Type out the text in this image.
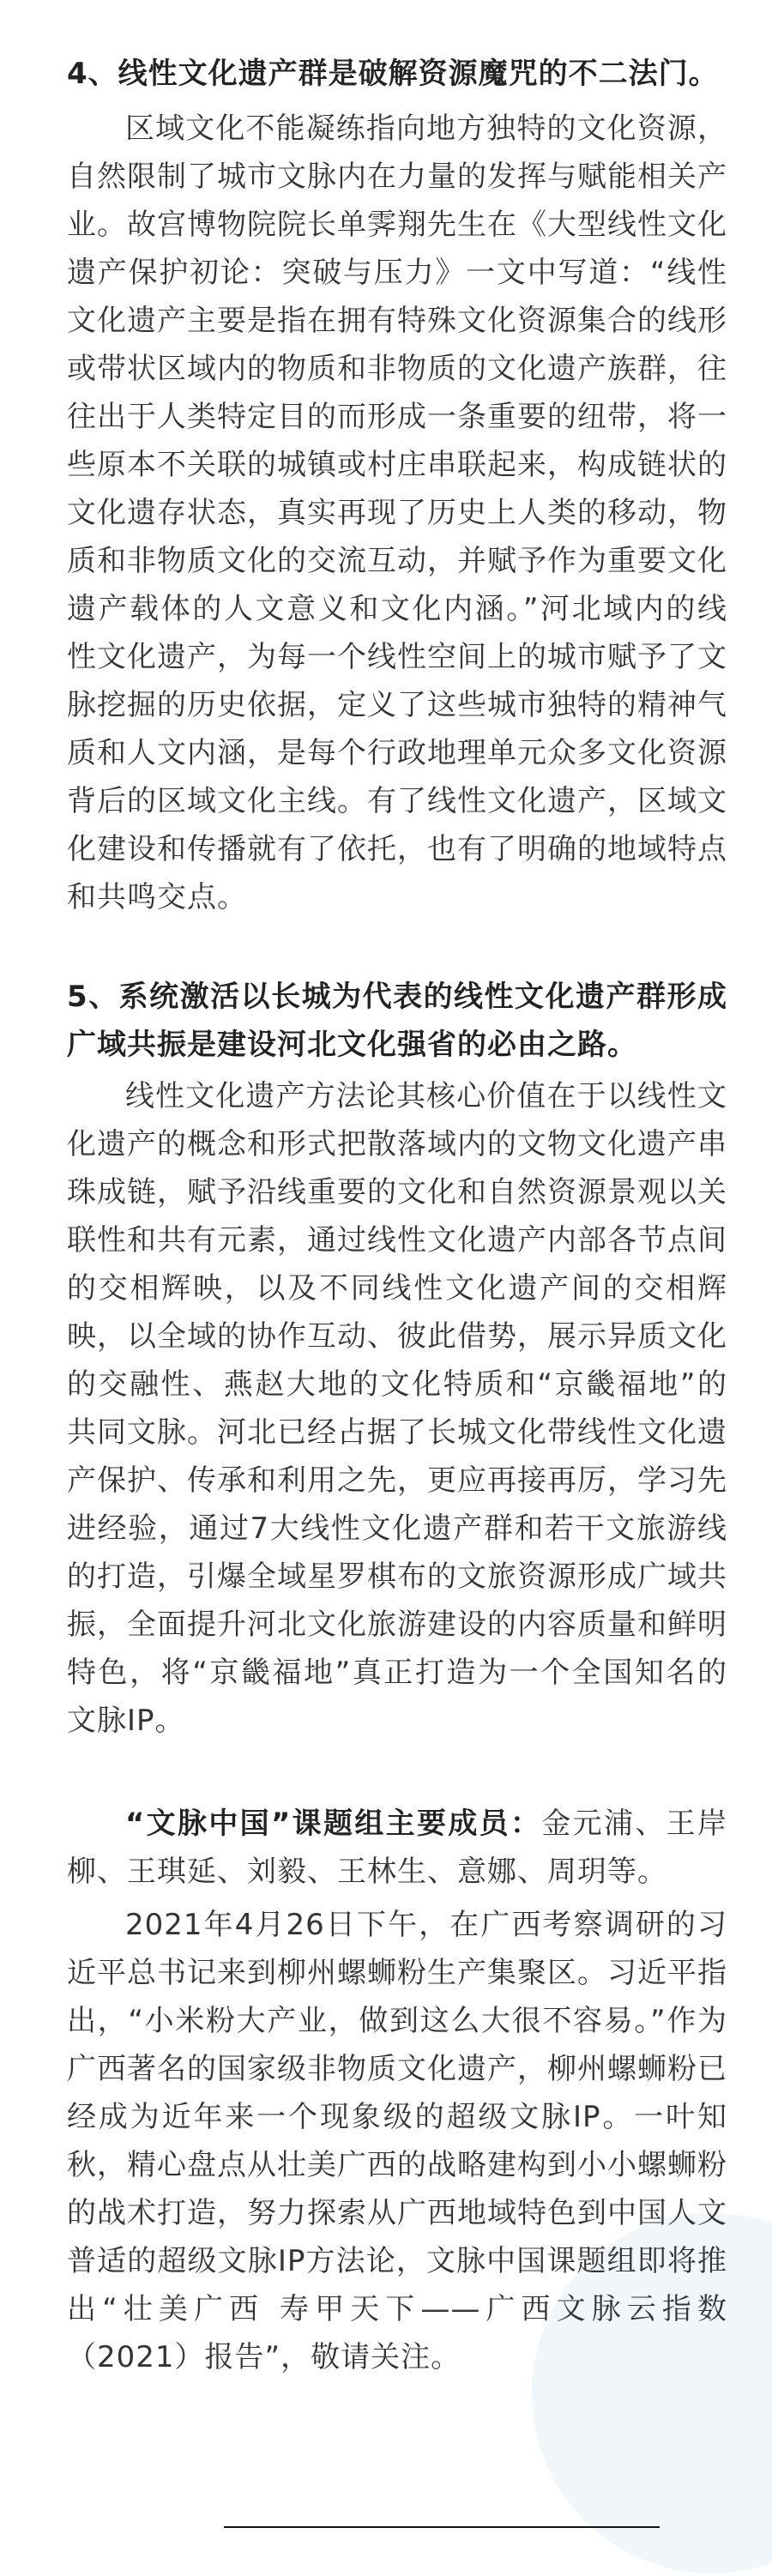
4、线性文化遗产群是破解资源魔咒的不二法门。

区域文化不能凝练指向地方独特的文化资源，自然限制了城市文脉内在力量的发挥与赋能相关产业。故宫博物院院长单霁翔先生在《大型线性文化遗产保护初论：突破与压力》一文中写道：“线性文化遗产主要是指在拥有特殊文化资源集合的线形或带状区域内的物质和非物质的文化遗产族群，往往出于人类特定目的而形成一条重要的纽带，将一些原本不关联的城镇或村庄串联起来，构成链状的文化遗存状态，真实再现了历史上人类的移动，物质和非物质文化的交流互动，并赋予作为重要文化遗产载体的人文意义和文化内涵。”河北域内的线性文化遗产，为每一个线性空间上的城市赋予了文脉挖掘的历史依据，定义了这些城市独特的精神气质和人文内涵，是每个行政地理单元众多文化资源背后的区域文化主线。有了线性文化遗产，区域文化建设和传播就有了依托，也有了明确的地域特点和共鸣交点。

5、系统激活以长城为代表的线性文化遗产群形成广域共振是建设河北文化强省的必由之路。

线性文化遗产方法论其核心价值在于以线性文化遗产的概念和形式把散落域内的文物文化遗产串珠成链，赋予沿线重要的文化和自然资源景观以关联性和共有元素，通过线性文化遗产内部各节点间的交相辉映，以及不同线性文化遗产间的交相辉映，以全域的协作互动、彼此借势，展示异质文化的交融性、燕赵大地的文化特质和“京畿福地”的共同文脉。河北已经占据了长城文化带线性文化遗产保护、传承和利用之先，更应再接再厉，学习先进经验，通过7大线性文化遗产群和若干文旅游线的打造，引爆全域星罗棋布的文旅资源形成广域共振，全面提升河北文化旅游建设的内容质量和鲜明特色，将“京畿福地”真正打造为一个全国知名的文脉IP。

“文脉中国”课题组主要成员：金元浦、王岸柳、王琪延、刘毅、王林生、意娜、周玥等。

2021年4月26日下午，在广西考察调研的习近平总书记来到柳州螺蛳粉生产集聚区。习近平指出，“小米粉大产业，做到这么大很不容易。”作为广西著名的国家级非物质文化遗产，柳州螺蛳粉已经成为近年来一个现象级的超级文脉IP。一叶知秋，精心盘点从壮美广西的战略建构到小小螺蛳粉的战术打造，努力探索从广西地域特色到中国人文普适的超级文脉IP方法论，文脉中国课题组即将推出“壮美广西 寿甲天下——广西文脉云指数（2021）报告”，敬请关注。
